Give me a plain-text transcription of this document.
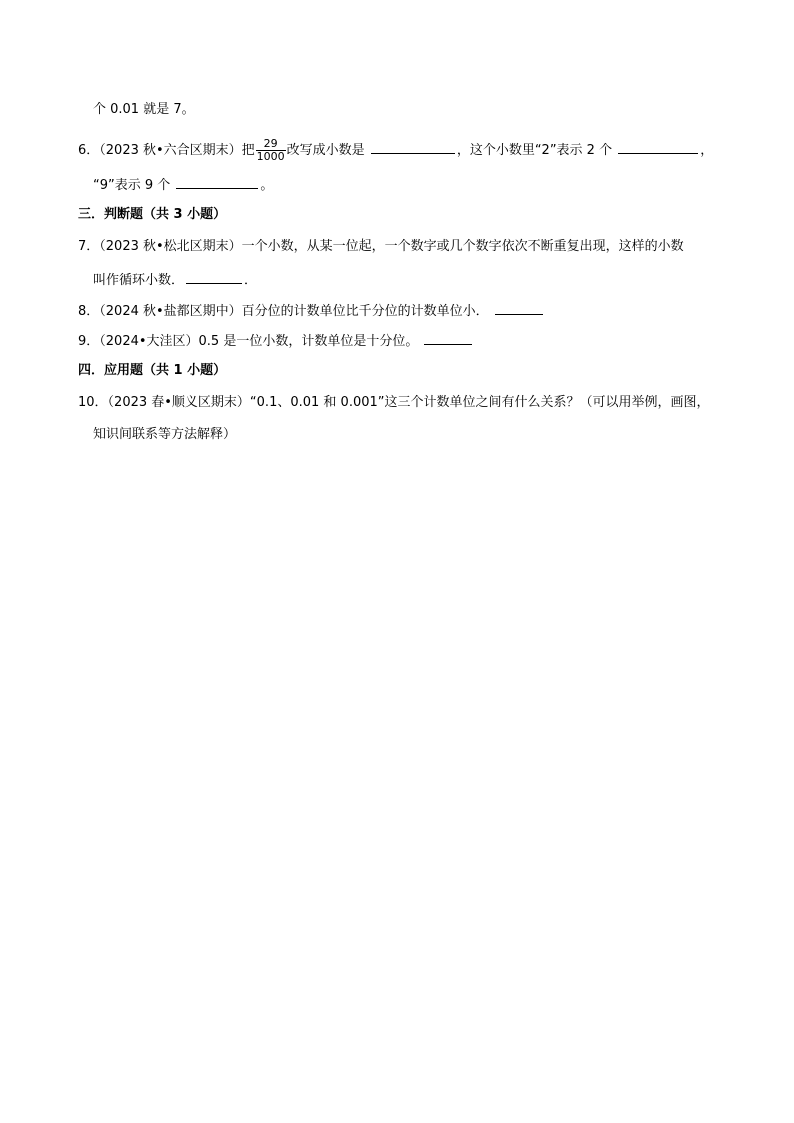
个 0.01 就是 7。
6．（2023 秋•六合区期末）把 $\frac{29}{1000}$ 改写成小数是	，这个小数里“2”表示 2 个	，
“9”表示 9 个	。
三．判断题（共 3 小题）
7．（2023 秋•松北区期末）一个小数，从某一位起，一个数字或几个数字依次不断重复出现，这样的小数
叫作循环小数．	．
8．（2024 秋•盐都区期中）百分位的计数单位比千分位的计数单位小．
9．（2024•大洼区）0.5 是一位小数，计数单位是十分位。
四．应用题（共 1 小题）
10．（2023 春•顺义区期末）“0.1、0.01 和 0.001”这三个计数单位之间有什么关系？（可以用举例，画图，
知识间联系等方法解释）
